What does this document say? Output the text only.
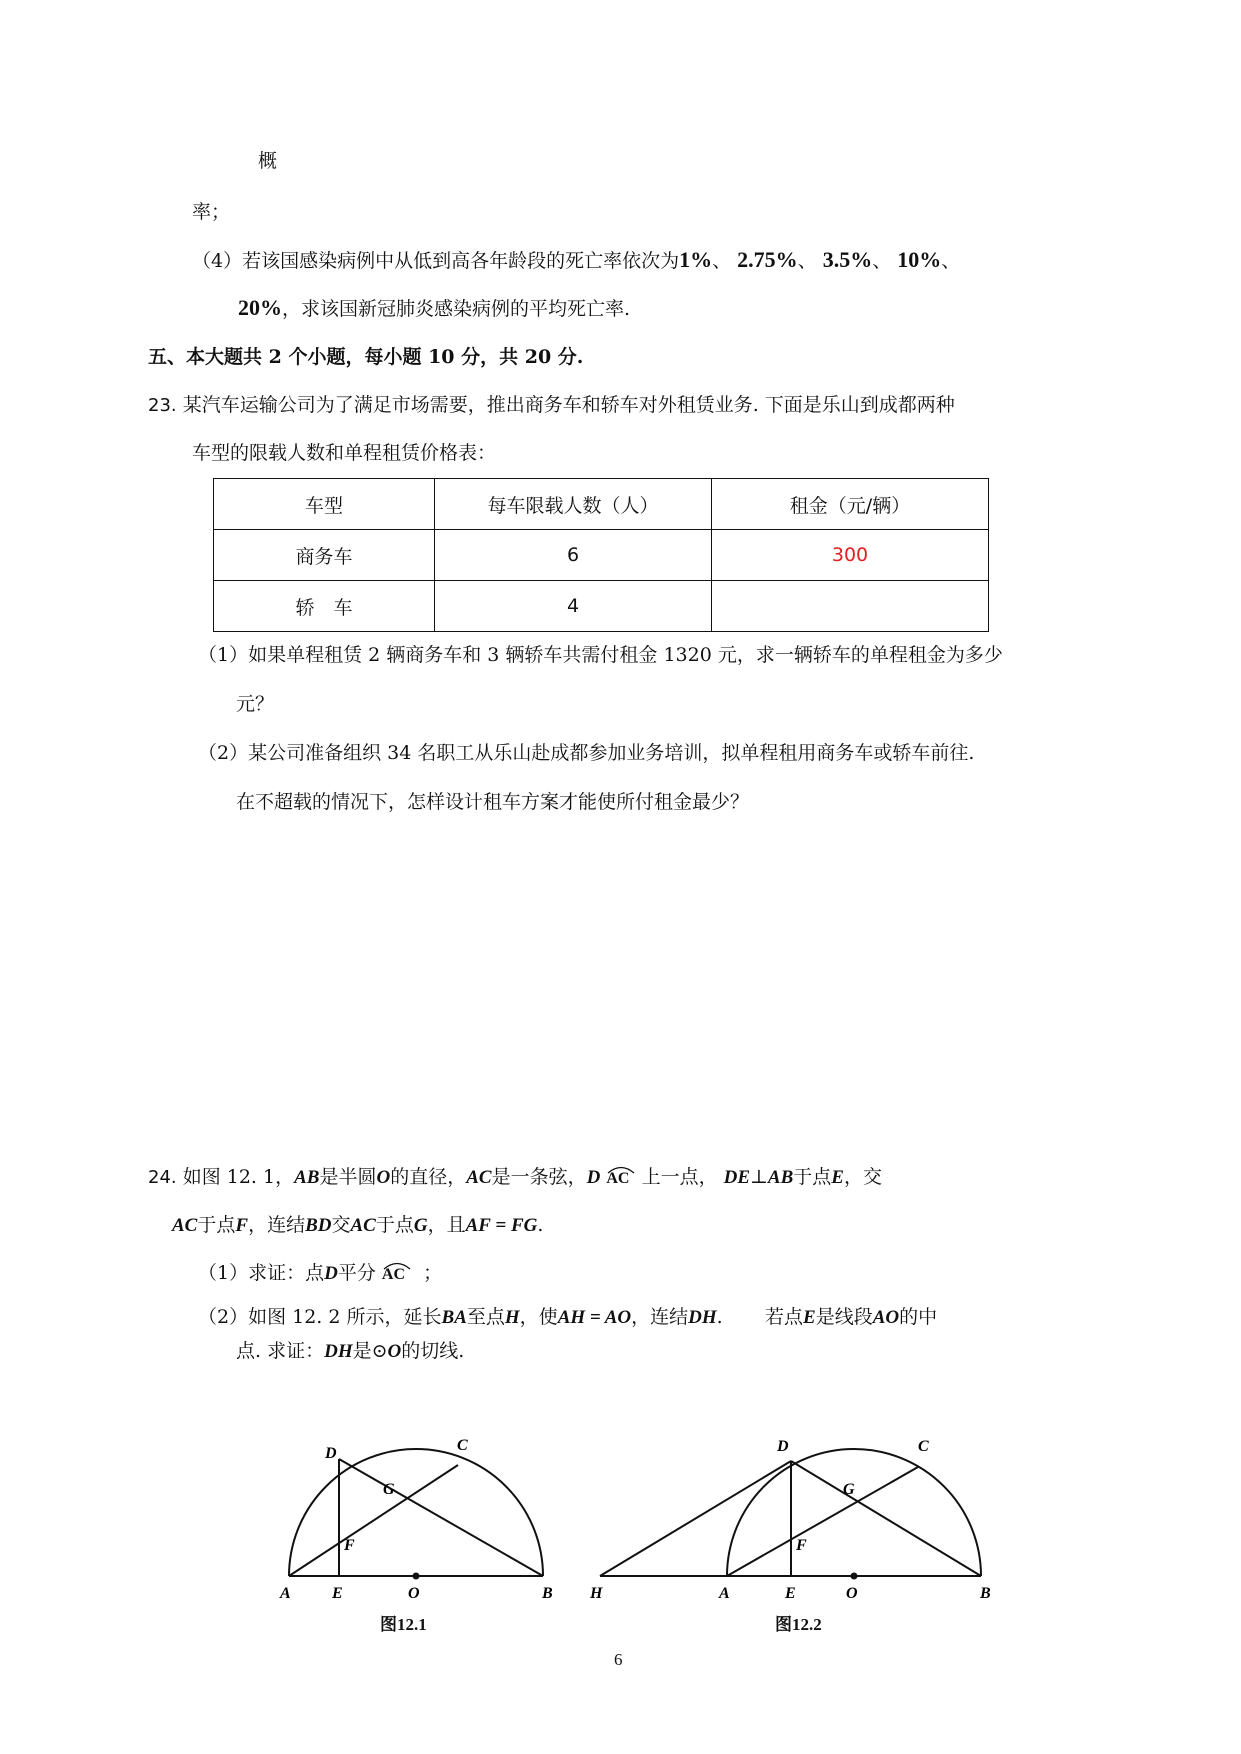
概
率；
（4）若该国感染病例中从低到高各年龄段的死亡率依次为1%、 2.75%、 3.5%、 10%、
20%，求该国新冠肺炎感染病例的平均死亡率.
五、本大题共 2 个小题，每小题 10 分，共 20 分.
23. 某汽车运输公司为了满足市场需要，推出商务车和轿车对外租赁业务. 下面是乐山到成都两种
车型的限载人数和单程租赁价格表：
车型	每车限载人数（人）	租金（元/辆）
商务车	6	300
轿　车	4	
（1）如果单程租赁 2 辆商务车和 3 辆轿车共需付租金 1320 元，求一辆轿车的单程租金为多少
元？
（2）某公司准备组织 34 名职工从乐山赴成都参加业务培训，拟单程租用商务车或轿车前往.
在不超载的情况下，怎样设计租车方案才能使所付租金最少？
24. 如图 12. 1，AB是半圆O的直径，AC是一条弦，D AC 上一点， DE⊥AB于点E，交
AC于点F，连结BD交AC于点G，且AF = FG.
（1）求证：点D平分 AC ；
（2）如图 12. 2 所示，延长BA至点H，使AH = AO，连结DH. 若点E是线段AO的中
点. 求证：DH是⊙O的切线.
D	C
G
F
A	E	O	B
D	C
G
F
H	A	E	O	B
图12.1	图12.2
6
